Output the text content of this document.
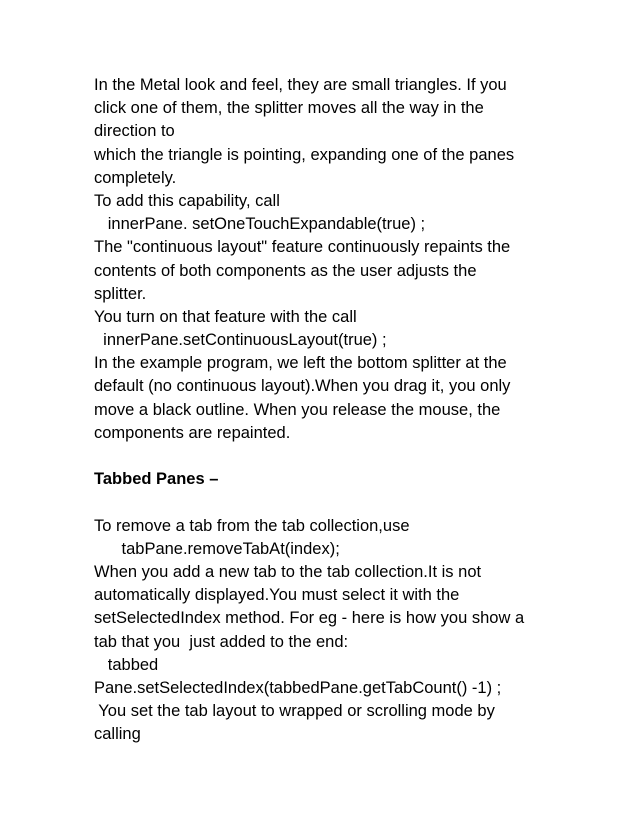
In the Metal look and feel, they are small triangles. If you
click one of them, the splitter moves all the way in the
direction to
which the triangle is pointing, expanding one of the panes
completely.
To add this capability, call
innerPane. setOneTouchExpandable(true) ;
The "continuous layout" feature continuously repaints the
contents of both components as the user adjusts the
splitter.
You turn on that feature with the call
innerPane.setContinuousLayout(true) ;
In the example program, we left the bottom splitter at the
default (no continuous layout).When you drag it, you only
move a black outline. When you release the mouse, the
components are repainted.
Tabbed Panes –
To remove a tab from the tab collection,use
tabPane.removeTabAt(index);
When you add a new tab to the tab collection.It is not
automatically displayed.You must select it with the
setSelectedIndex method. For eg - here is how you show a
tab that you  just added to the end:
tabbed
Pane.setSelectedIndex(tabbedPane.getTabCount() -1) ;
You set the tab layout to wrapped or scrolling mode by
calling
